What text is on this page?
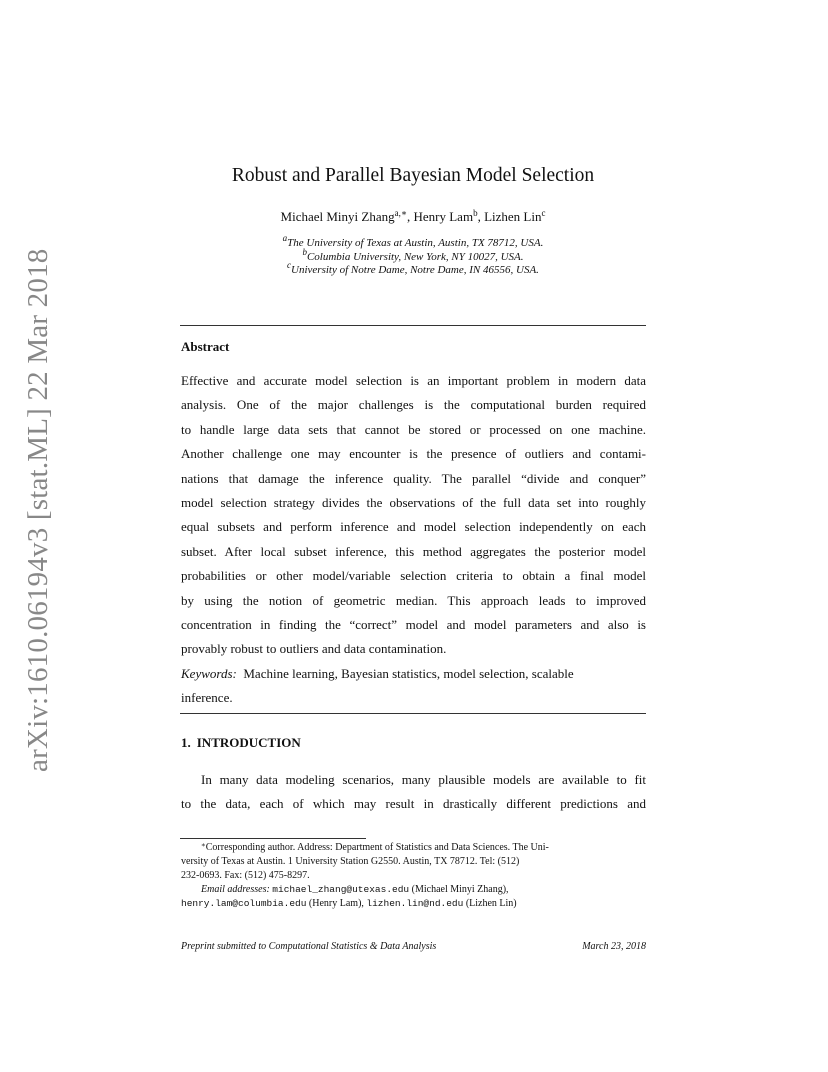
arXiv:1610.06194v3 [stat.ML] 22 Mar 2018
Robust and Parallel Bayesian Model Selection
Michael Minyi Zhang$^{a,∗}$, Henry Lam$^b$, Lizhen Lin$^c$
$^a$The University of Texas at Austin, Austin, TX 78712, USA.
$^b$Columbia University, New York, NY 10027, USA.
$^c$University of Notre Dame, Notre Dame, IN 46556, USA.
Abstract
Effective and accurate model selection is an important problem in modern data
analysis. One of the major challenges is the computational burden required
to handle large data sets that cannot be stored or processed on one machine.
Another challenge one may encounter is the presence of outliers and contami-
nations that damage the inference quality. The parallel “divide and conquer”
model selection strategy divides the observations of the full data set into roughly
equal subsets and perform inference and model selection independently on each
subset. After local subset inference, this method aggregates the posterior model
probabilities or other model/variable selection criteria to obtain a final model
by using the notion of geometric median. This approach leads to improved
concentration in finding the “correct” model and model parameters and also is
provably robust to outliers and data contamination.
Keywords: Machine learning, Bayesian statistics, model selection, scalable
inference.
1. INTRODUCTION
In many data modeling scenarios, many plausible models are available to fit
to the data, each of which may result in drastically different predictions and
∗Corresponding author. Address: Department of Statistics and Data Sciences. The Uni-
versity of Texas at Austin. 1 University Station G2550. Austin, TX 78712. Tel: (512)
232-0693. Fax: (512) 475-8297.
Email addresses: michael_zhang@utexas.edu (Michael Minyi Zhang),
henry.lam@columbia.edu (Henry Lam), lizhen.lin@nd.edu (Lizhen Lin)
Preprint submitted to Computational Statistics & Data Analysis	March 23, 2018
